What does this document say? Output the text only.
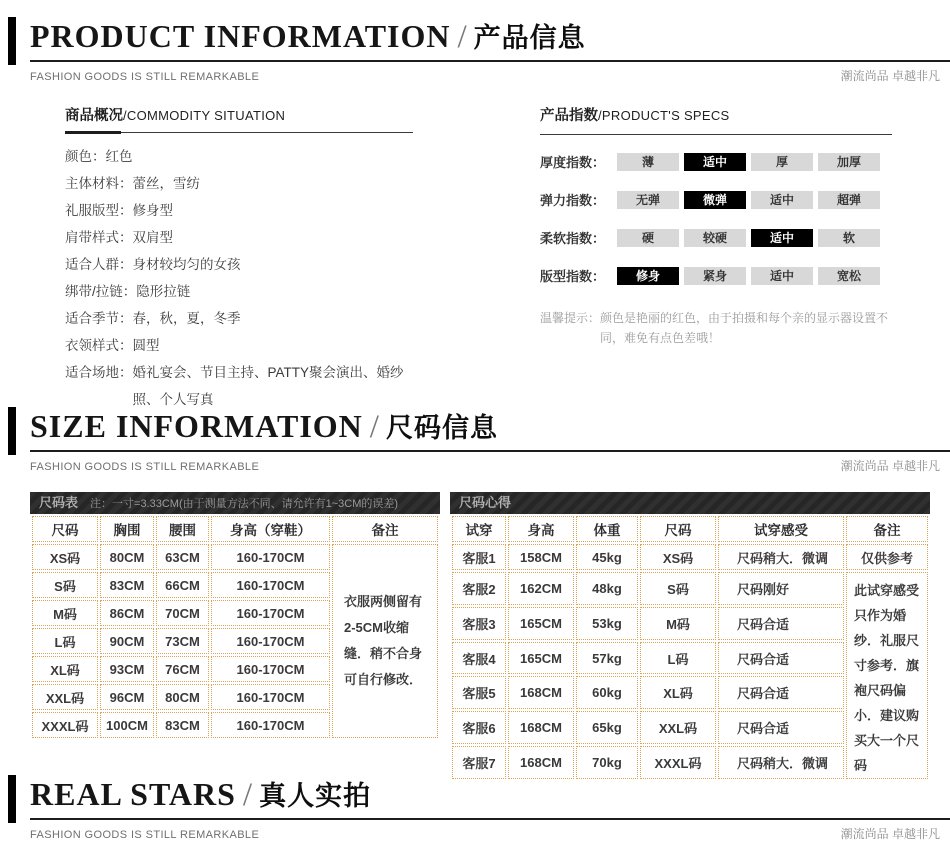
PRODUCT INFORMATION / 产品信息
FASHION GOODS IS STILL REMARKABLE	潮流尚品 卓越非凡
商品概况/COMMODITY SITUATION
颜色： 红色
主体材料： 蕾丝，雪纺
礼服版型： 修身型
肩带样式： 双肩型
适合人群： 身材较均匀的女孩
绑带/拉链： 隐形拉链
适合季节： 春，秋，夏，冬季
衣领样式： 圆型
适合场地： 婚礼宴会、节目主持、PATTY聚会演出、婚纱照、个人写真
产品指数/PRODUCT'S SPECS
厚度指数：	薄	适中	厚	加厚
弹力指数：	无弹	微弹	适中	超弹
柔软指数：	硬	较硬	适中	软
版型指数：	修身	紧身	适中	宽松
温馨提示： 颜色是艳丽的红色，由于拍摄和每个亲的显示器设置不同，难免有点色差哦！
SIZE INFORMATION / 尺码信息
FASHION GOODS IS STILL REMARKABLE	潮流尚品 卓越非凡
尺码表 注：一寸=3.33CM(由于测量方法不同、请允许有1~3CM的误差)
尺码	胸围	腰围	身高（穿鞋）	备注
XS码	80CM	63CM	160-170CM	衣服两侧留有2-5CM收缩缝．稍不合身可自行修改．
S码	83CM	66CM	160-170CM	
M码	86CM	70CM	160-170CM	
L码	90CM	73CM	160-170CM	
XL码	93CM	76CM	160-170CM	
XXL码	96CM	80CM	160-170CM	
XXXL码	100CM	83CM	160-170CM	
尺码心得
试穿	身高	体重	尺码	试穿感受	备注
客服1	158CM	45kg	XS码	尺码稍大．微调	仅供参考
客服2	162CM	48kg	S码	尺码刚好	此试穿感受只作为婚纱．礼服尺寸参考．旗袍尺码偏小．建议购买大一个尺码
客服3	165CM	53kg	M码	尺码合适	
客服4	165CM	57kg	L码	尺码合适	
客服5	168CM	60kg	XL码	尺码合适	
客服6	168CM	65kg	XXL码	尺码合适	
客服7	168CM	70kg	XXXL码	尺码稍大．微调	
REAL STARS / 真人实拍
FASHION GOODS IS STILL REMARKABLE	潮流尚品 卓越非凡
